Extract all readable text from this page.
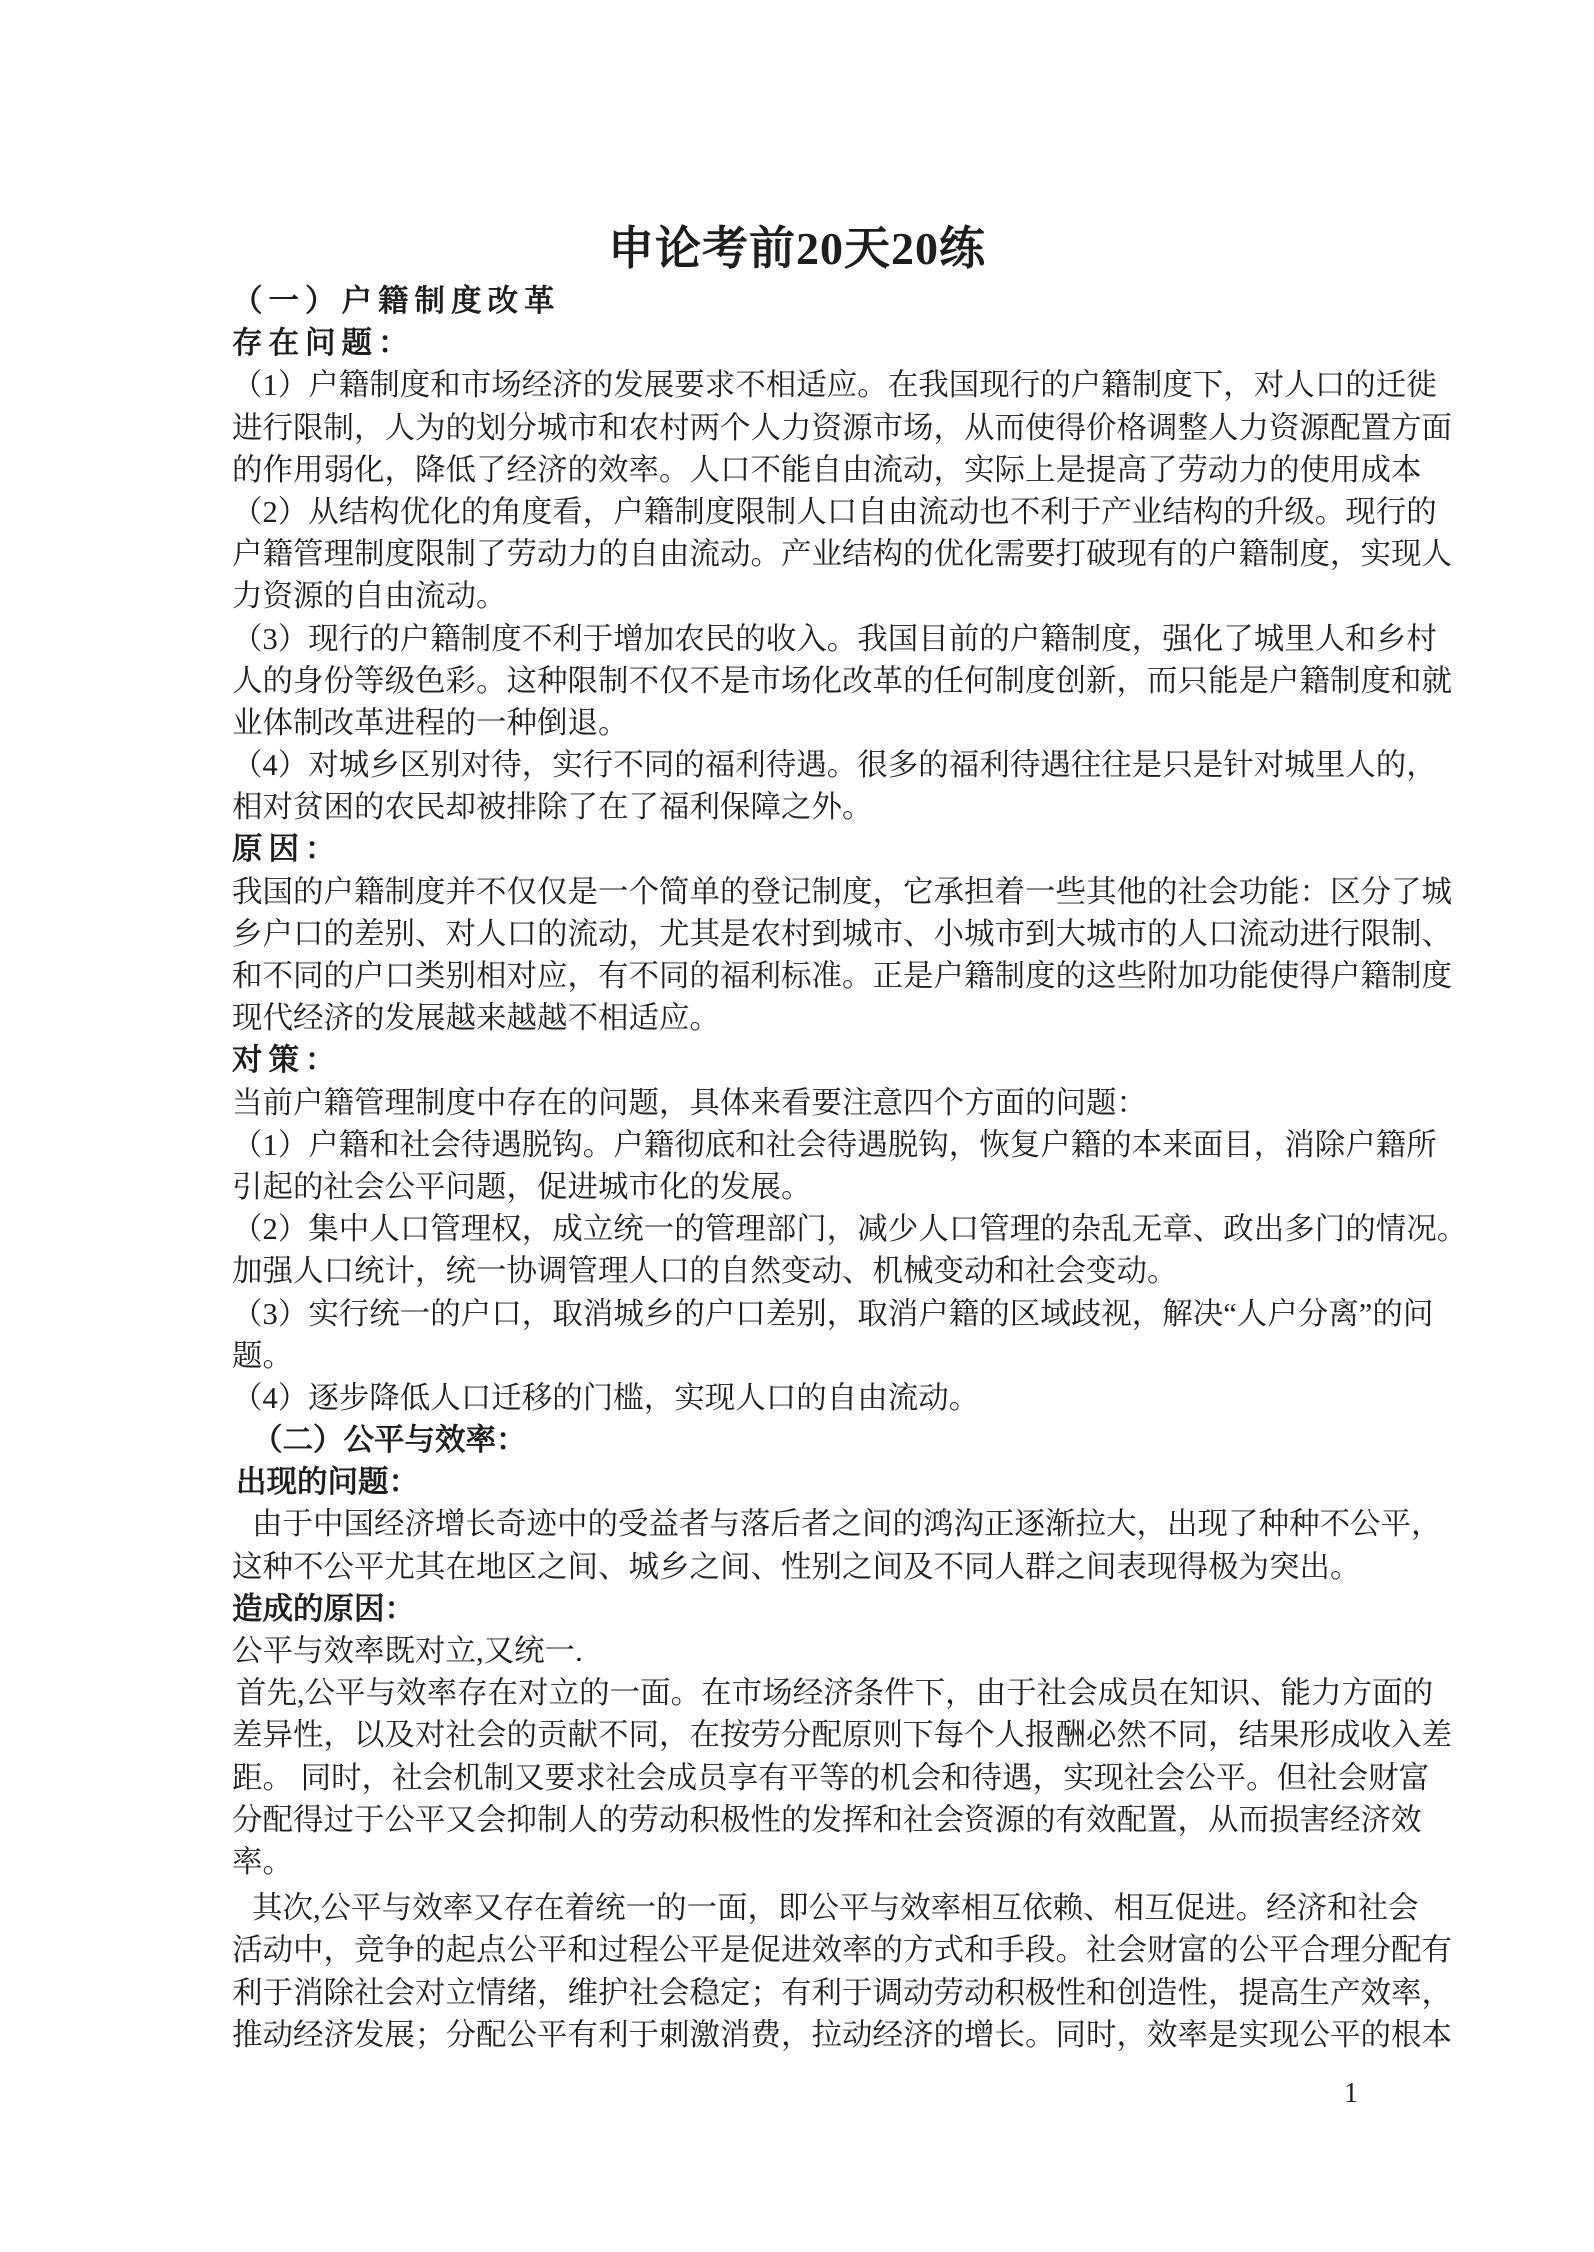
申论考前20天20练
（一）户籍制度改革
存在问题：
（1）户籍制度和市场经济的发展要求不相适应。在我国现行的户籍制度下，对人口的迁徙
进行限制，人为的划分城市和农村两个人力资源市场，从而使得价格调整人力资源配置方面
的作用弱化，降低了经济的效率。人口不能自由流动，实际上是提高了劳动力的使用成本
（2）从结构优化的角度看，户籍制度限制人口自由流动也不利于产业结构的升级。现行的
户籍管理制度限制了劳动力的自由流动。产业结构的优化需要打破现有的户籍制度，实现人
力资源的自由流动。
（3）现行的户籍制度不利于增加农民的收入。我国目前的户籍制度，强化了城里人和乡村
人的身份等级色彩。这种限制不仅不是市场化改革的任何制度创新，而只能是户籍制度和就
业体制改革进程的一种倒退。
（4）对城乡区别对待，实行不同的福利待遇。很多的福利待遇往往是只是针对城里人的，
相对贫困的农民却被排除了在了福利保障之外。
原因：
我国的户籍制度并不仅仅是一个简单的登记制度，它承担着一些其他的社会功能：区分了城
乡户口的差别、对人口的流动，尤其是农村到城市、小城市到大城市的人口流动进行限制、
和不同的户口类别相对应，有不同的福利标准。正是户籍制度的这些附加功能使得户籍制度
现代经济的发展越来越越不相适应。
对策：
当前户籍管理制度中存在的问题，具体来看要注意四个方面的问题：
（1）户籍和社会待遇脱钩。户籍彻底和社会待遇脱钩，恢复户籍的本来面目，消除户籍所
引起的社会公平问题，促进城市化的发展。
（2）集中人口管理权，成立统一的管理部门，减少人口管理的杂乱无章、政出多门的情况。
加强人口统计，统一协调管理人口的自然变动、机械变动和社会变动。
（3）实行统一的户口，取消城乡的户口差别，取消户籍的区域歧视，解决“人户分离”的问
题。
（4）逐步降低人口迁移的门槛，实现人口的自由流动。
（二）公平与效率：
出现的问题：
由于中国经济增长奇迹中的受益者与落后者之间的鸿沟正逐渐拉大，出现了种种不公平，
这种不公平尤其在地区之间、城乡之间、性别之间及不同人群之间表现得极为突出。
造成的原因：
公平与效率既对立,又统一.
首先,公平与效率存在对立的一面。在市场经济条件下，由于社会成员在知识、能力方面的
差异性，以及对社会的贡献不同，在按劳分配原则下每个人报酬必然不同，结果形成收入差
距。 同时，社会机制又要求社会成员享有平等的机会和待遇，实现社会公平。但社会财富
分配得过于公平又会抑制人的劳动积极性的发挥和社会资源的有效配置，从而损害经济效
率。
其次,公平与效率又存在着统一的一面，即公平与效率相互依赖、相互促进。经济和社会
活动中，竞争的起点公平和过程公平是促进效率的方式和手段。社会财富的公平合理分配有
利于消除社会对立情绪，维护社会稳定；有利于调动劳动积极性和创造性，提高生产效率，
推动经济发展；分配公平有利于刺激消费，拉动经济的增长。同时，效率是实现公平的根本
1
